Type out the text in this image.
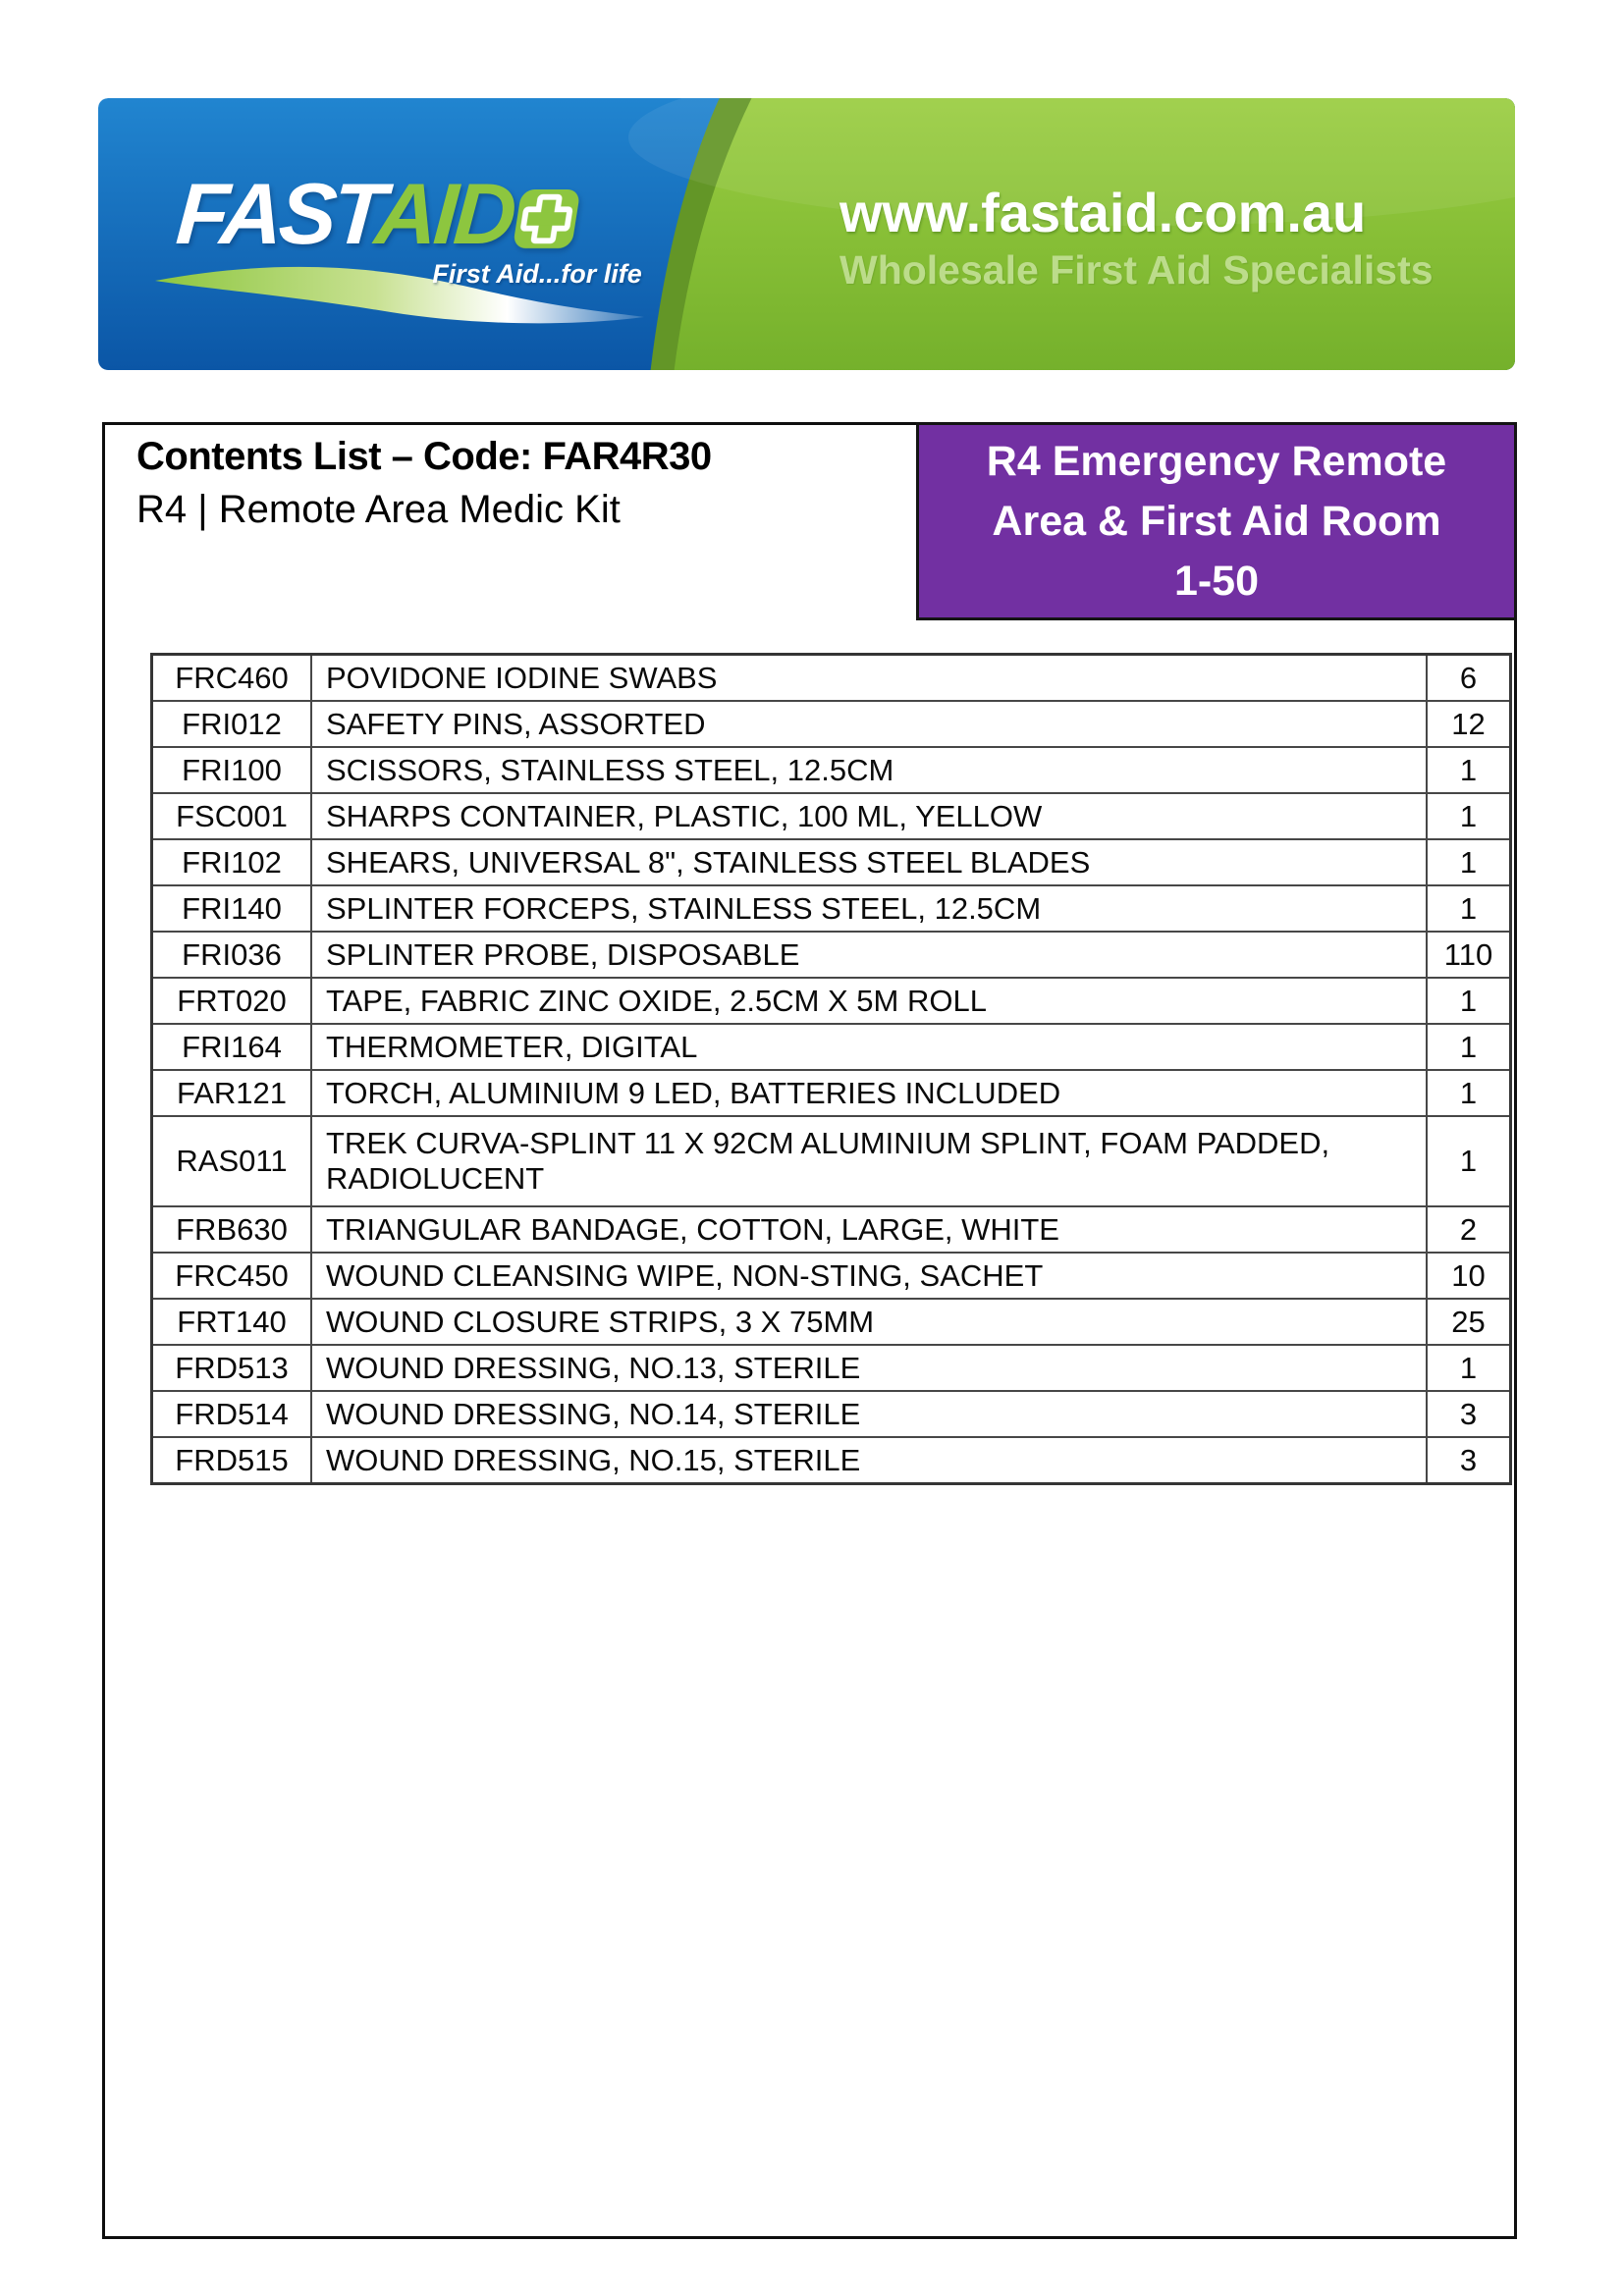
FASTAID
First Aid...for life
www.fastaid.com.au
Wholesale First Aid Specialists
Contents List – Code: FAR4R30
R4 | Remote Area Medic Kit
R4 Emergency Remote
Area & First Aid Room
1-50
FRC460	POVIDONE IODINE SWABS	6
FRI012	SAFETY PINS, ASSORTED	12
FRI100	SCISSORS, STAINLESS STEEL, 12.5CM	1
FSC001	SHARPS CONTAINER, PLASTIC, 100 ML, YELLOW	1
FRI102	SHEARS, UNIVERSAL 8", STAINLESS STEEL BLADES	1
FRI140	SPLINTER FORCEPS, STAINLESS STEEL, 12.5CM	1
FRI036	SPLINTER PROBE, DISPOSABLE	110
FRT020	TAPE, FABRIC ZINC OXIDE, 2.5CM X 5M ROLL	1
FRI164	THERMOMETER, DIGITAL	1
FAR121	TORCH, ALUMINIUM 9 LED, BATTERIES INCLUDED	1
RAS011	TREK CURVA-SPLINT 11 X 92CM ALUMINIUM SPLINT, FOAM PADDED, RADIOLUCENT	1
FRB630	TRIANGULAR BANDAGE, COTTON, LARGE, WHITE	2
FRC450	WOUND CLEANSING WIPE, NON-STING, SACHET	10
FRT140	WOUND CLOSURE STRIPS, 3 X 75MM	25
FRD513	WOUND DRESSING, NO.13, STERILE	1
FRD514	WOUND DRESSING, NO.14, STERILE	3
FRD515	WOUND DRESSING, NO.15, STERILE	3
